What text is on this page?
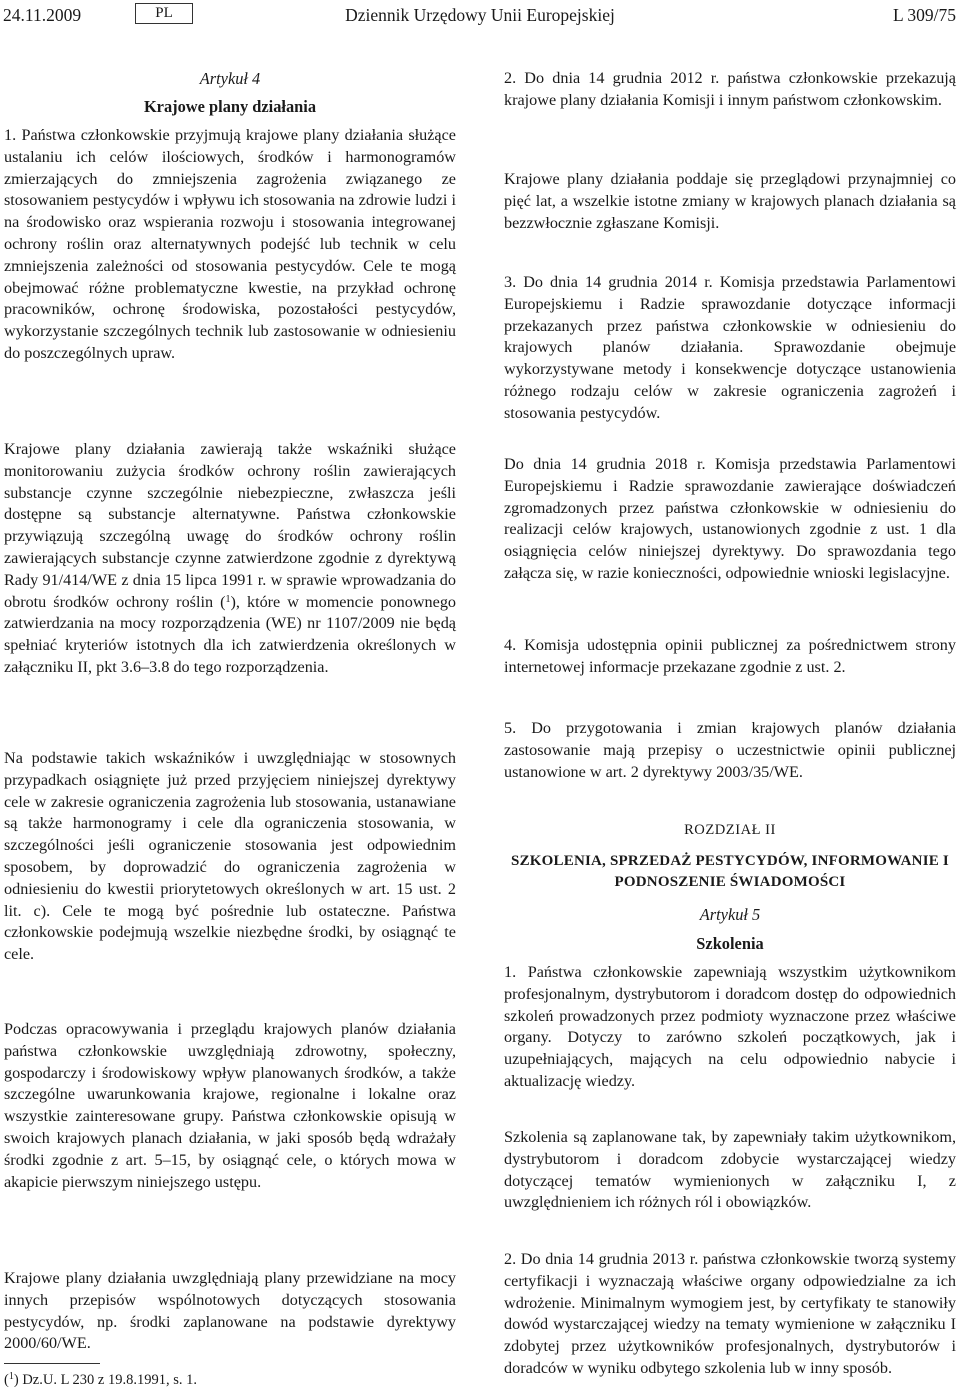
Dziennik Urzędowy Unii Europejskiej
24.11.2009	PL	L 309/75

Artykuł 4

Krajowe plany działania

1. Państwa członkowskie przyjmują krajowe plany działania służące ustalaniu ich celów ilościowych, środków i harmonogramów zmierzających do zmniejszenia zagrożenia związanego ze stosowaniem pestycydów i wpływu ich stosowania na zdrowie ludzi i na środowisko oraz wspierania rozwoju i stosowania integrowanej ochrony roślin oraz alternatywnych podejść lub technik w celu zmniejszenia zależności od stosowania pestycydów. Cele te mogą obejmować różne problematyczne kwestie, na przykład ochronę pracowników, ochronę środowiska, pozostałości pestycydów, wykorzystanie szczególnych technik lub zastosowanie w odniesieniu do poszczególnych upraw.

Krajowe plany działania zawierają także wskaźniki służące monitorowaniu zużycia środków ochrony roślin zawierających substancje czynne szczególnie niebezpieczne, zwłaszcza jeśli dostępne są substancje alternatywne. Państwa członkowskie przywiązują szczególną uwagę do środków ochrony roślin zawierających substancje czynne zatwierdzone zgodnie z dyrektywą Rady 91/414/WE z dnia 15 lipca 1991 r. w sprawie wprowadzania do obrotu środków ochrony roślin ($^1$), które w momencie ponownego zatwierdzania na mocy rozporządzenia (WE) nr 1107/2009 nie będą spełniać kryteriów istotnych dla ich zatwierdzenia określonych w załączniku II, pkt 3.6–3.8 do tego rozporządzenia.

Na podstawie takich wskaźników i uwzględniając w stosownych przypadkach osiągnięte już przed przyjęciem niniejszej dyrektywy cele w zakresie ograniczenia zagrożenia lub stosowania, ustanawiane są także harmonogramy i cele dla ograniczenia stosowania, w szczególności jeśli ograniczenie stosowania jest odpowiednim sposobem, by doprowadzić do ograniczenia zagrożenia w odniesieniu do kwestii priorytetowych określonych w art. 15 ust. 2 lit. c). Cele te mogą być pośrednie lub ostateczne. Państwa członkowskie podejmują wszelkie niezbędne środki, by osiągnąć te cele.

Podczas opracowywania i przeglądu krajowych planów działania państwa członkowskie uwzględniają zdrowotny, społeczny, gospodarczy i środowiskowy wpływ planowanych środków, a także szczególne uwarunkowania krajowe, regionalne i lokalne oraz wszystkie zainteresowane grupy. Państwa członkowskie opisują w swoich krajowych planach działania, w jaki sposób będą wdrażały środki zgodnie z art. 5–15, by osiągnąć cele, o których mowa w akapicie pierwszym niniejszego ustępu.

Krajowe plany działania uwzględniają plany przewidziane na mocy innych przepisów wspólnotowych dotyczących stosowania pestycydów, np. środki zaplanowane na podstawie dyrektywy 2000/60/WE.

2. Do dnia 14 grudnia 2012 r. państwa członkowskie przekazują krajowe plany działania Komisji i innym państwom członkowskim.

Krajowe plany działania poddaje się przeglądowi przynajmniej co pięć lat, a wszelkie istotne zmiany w krajowych planach działania są bezzwłocznie zgłaszane Komisji.

3. Do dnia 14 grudnia 2014 r. Komisja przedstawia Parlamentowi Europejskiemu i Radzie sprawozdanie dotyczące informacji przekazanych przez państwa członkowskie w odniesieniu do krajowych planów działania. Sprawozdanie obejmuje wykorzystywane metody i konsekwencje dotyczące ustanowienia różnego rodzaju celów w zakresie ograniczenia zagrożeń i stosowania pestycydów.

Do dnia 14 grudnia 2018 r. Komisja przedstawia Parlamentowi Europejskiemu i Radzie sprawozdanie zawierające doświadczeń zgromadzonych przez państwa członkowskie w odniesieniu do realizacji celów krajowych, ustanowionych zgodnie z ust. 1 dla osiągnięcia celów niniejszej dyrektywy. Do sprawozdania tego załącza się, w razie konieczności, odpowiednie wnioski legislacyjne.

4. Komisja udostępnia opinii publicznej za pośrednictwem strony internetowej informacje przekazane zgodnie z ust. 2.

5. Do przygotowania i zmian krajowych planów działania zastosowanie mają przepisy o uczestnictwie opinii publicznej ustanowione w art. 2 dyrektywy 2003/35/WE.

ROZDZIAŁ II

SZKOLENIA, SPRZEDAŻ PESTYCYDÓW, INFORMOWANIE I PODNOSZENIE ŚWIADOMOŚCI

Artykuł 5

Szkolenia

1. Państwa członkowskie zapewniają wszystkim użytkownikom profesjonalnym, dystrybutorom i doradcom dostęp do odpowiednich szkoleń prowadzonych przez podmioty wyznaczone przez właściwe organy. Dotyczy to zarówno szkoleń początkowych, jak i uzupełniających, mających na celu odpowiednio nabycie i aktualizację wiedzy.

Szkolenia są zaplanowane tak, by zapewniały takim użytkownikom, dystrybutorom i doradcom zdobycie wystarczającej wiedzy dotyczącej tematów wymienionych w załączniku I, z uwzględnieniem ich różnych ról i obowiązków.

2. Do dnia 14 grudnia 2013 r. państwa członkowskie tworzą systemy certyfikacji i wyznaczają właściwe organy odpowiedzialne za ich wdrożenie. Minimalnym wymogiem jest, by certyfikaty te stanowiły dowód wystarczającej wiedzy na tematy wymienione w załączniku I zdobytej przez użytkowników profesjonalnych, dystrybutorów i doradców w wyniku odbytego szkolenia lub w inny sposób.

($^1$) Dz.U. L 230 z 19.8.1991, s. 1.
